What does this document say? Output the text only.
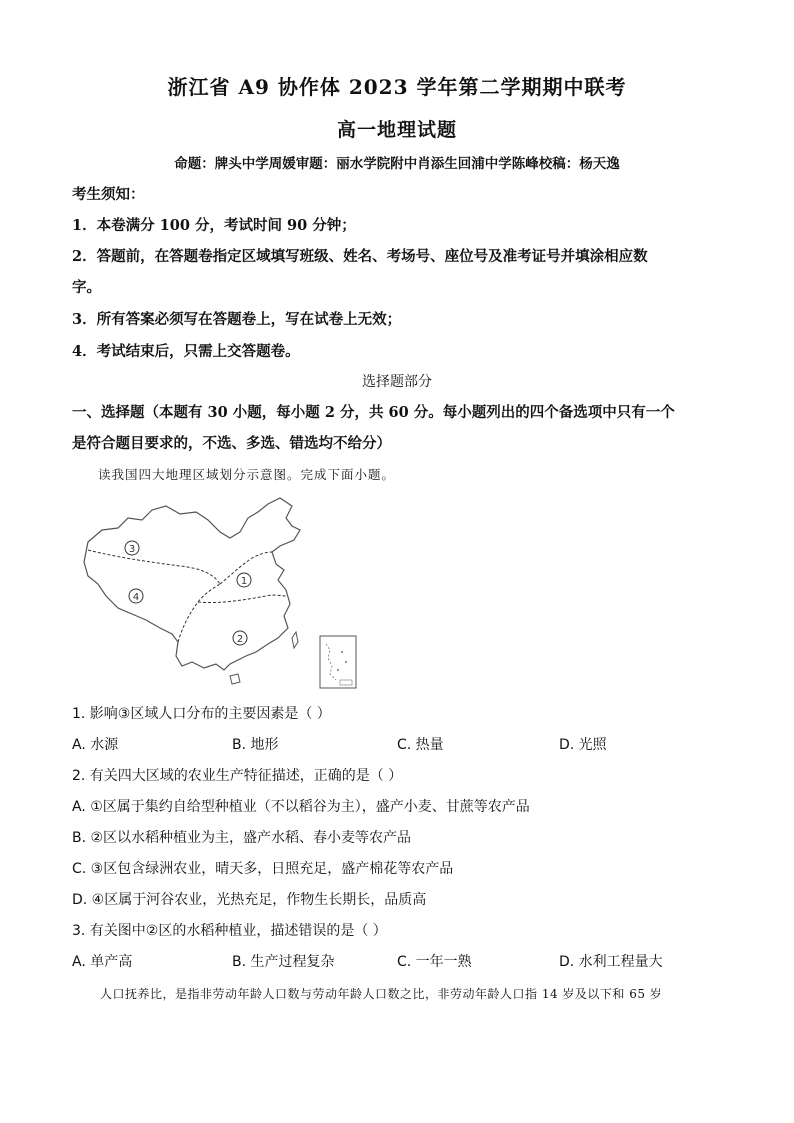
浙江省 A9 协作体 2023 学年第二学期期中联考
高一地理试题
命题：牌头中学周媛审题：丽水学院附中肖添生回浦中学陈峰校稿：杨天逸
考生须知：
1．本卷满分 100 分，考试时间 90 分钟；
2．答题前，在答题卷指定区域填写班级、姓名、考场号、座位号及准考证号并填涂相应数
字。
3．所有答案必须写在答题卷上，写在试卷上无效；
4．考试结束后，只需上交答题卷。
选择题部分
一、选择题（本题有 30 小题，每小题 2 分，共 60 分。每小题列出的四个备选项中只有一个
是符合题目要求的，不选、多选、错选均不给分）
读我国四大地理区域划分示意图。完成下面小题。
3
1
4
2
1. 影响③区域人口分布的主要因素是（ ）
A. 水源	B. 地形	C. 热量	D. 光照
2. 有关四大区域的农业生产特征描述，正确的是（ ）
A. ①区属于集约自给型种植业（不以稻谷为主），盛产小麦、甘蔗等农产品
B. ②区以水稻种植业为主，盛产水稻、春小麦等农产品
C. ③区包含绿洲农业，晴天多，日照充足，盛产棉花等农产品
D. ④区属于河谷农业，光热充足，作物生长期长，品质高
3. 有关图中②区的水稻种植业，描述错误的是（ ）
A. 单产高	B. 生产过程复杂	C. 一年一熟	D. 水利工程量大
人口抚养比，是指非劳动年龄人口数与劳动年龄人口数之比，非劳动年龄人口指 14 岁及以下和 65 岁
